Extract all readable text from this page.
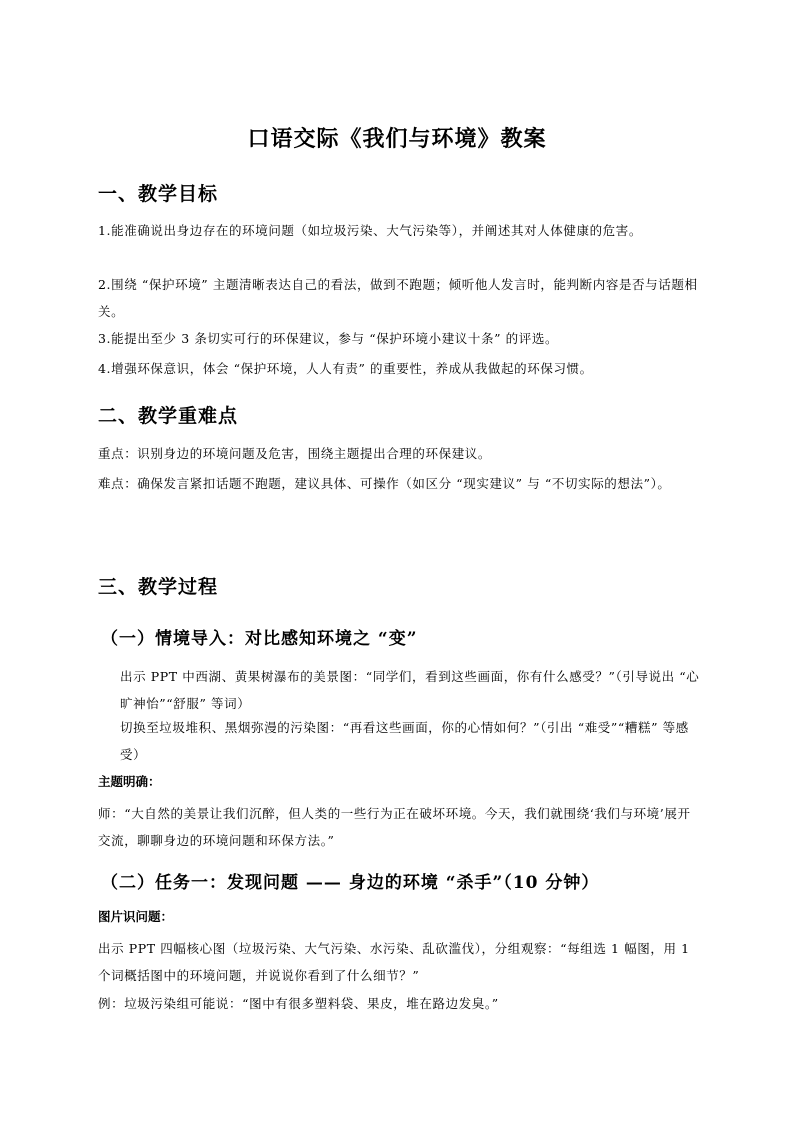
口语交际《我们与环境》教案
一、教学目标
1.能准确说出身边存在的环境问题（如垃圾污染、大气污染等），并阐述其对人体健康的危害。
2.围绕 “保护环境” 主题清晰表达自己的看法，做到不跑题；倾听他人发言时，能判断内容是否与话题相关。
3.能提出至少 3 条切实可行的环保建议，参与 “保护环境小建议十条” 的评选。
4.增强环保意识，体会 “保护环境，人人有责” 的重要性，养成从我做起的环保习惯。
二、教学重难点
重点：识别身边的环境问题及危害，围绕主题提出合理的环保建议。
难点：确保发言紧扣话题不跑题，建议具体、可操作（如区分 “现实建议” 与 “不切实际的想法”）。
三、教学过程
（一）情境导入：对比感知环境之 “变”
出示 PPT 中西湖、黄果树瀑布的美景图：“同学们，看到这些画面，你有什么感受？”（引导说出 “心旷神怡”“舒服” 等词）
切换至垃圾堆积、黑烟弥漫的污染图：“再看这些画面，你的心情如何？”（引出 “难受”“糟糕” 等感受）
主题明确：
师：“大自然的美景让我们沉醉，但人类的一些行为正在破坏环境。今天，我们就围绕‘我们与环境’展开交流，聊聊身边的环境问题和环保方法。”
（二）任务一：发现问题 —— 身边的环境 “杀手”（10 分钟）
图片识问题：
出示 PPT 四幅核心图（垃圾污染、大气污染、水污染、乱砍滥伐），分组观察：“每组选 1 幅图，用 1 个词概括图中的环境问题，并说说你看到了什么细节？”
例：垃圾污染组可能说：“图中有很多塑料袋、果皮，堆在路边发臭。”
